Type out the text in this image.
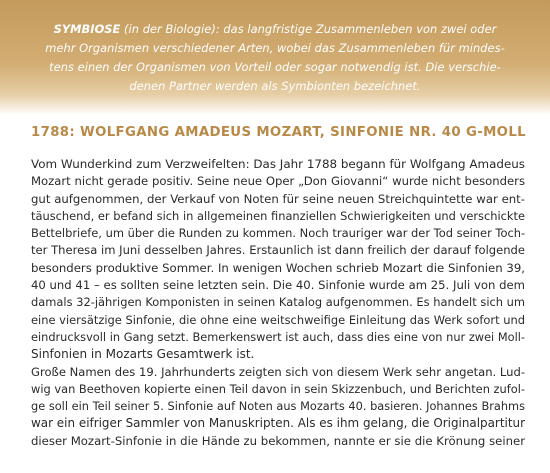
SYMBIOSE (in der Biologie): das langfristige Zusammenleben von zwei oder
mehr Organismen verschiedener Arten, wobei das Zusammenleben für mindes-
tens einen der Organismen von Vorteil oder sogar notwendig ist. Die verschie-
denen Partner werden als Symbionten bezeichnet.

1788: WOLFGANG AMADEUS MOZART, SINFONIE NR. 40 G-MOLL
Vom Wunderkind zum Verzweifelten: Das Jahr 1788 begann für Wolfgang Amadeus
Mozart nicht gerade positiv. Seine neue Oper „Don Giovanni“ wurde nicht besonders
gut aufgenommen, der Verkauf von Noten für seine neuen Streichquintette war ent-
täuschend, er befand sich in allgemeinen finanziellen Schwierigkeiten und verschickte
Bettelbriefe, um über die Runden zu kommen. Noch trauriger war der Tod seiner Toch-
ter Theresa im Juni desselben Jahres. Erstaunlich ist dann freilich der darauf folgende
besonders produktive Sommer. In wenigen Wochen schrieb Mozart die Sinfonien 39,
40 und 41 – es sollten seine letzten sein. Die 40. Sinfonie wurde am 25. Juli von dem
damals 32-jährigen Komponisten in seinen Katalog aufgenommen. Es handelt sich um
eine viersätzige Sinfonie, die ohne eine weitschweifige Einleitung das Werk sofort und
eindrucksvoll in Gang setzt. Bemerkenswert ist auch, dass dies eine von nur zwei Moll-
Sinfonien in Mozarts Gesamtwerk ist.
Große Namen des 19. Jahrhunderts zeigten sich von diesem Werk sehr angetan. Lud-
wig van Beethoven kopierte einen Teil davon in sein Skizzenbuch, und Berichten zufol-
ge soll ein Teil seiner 5. Sinfonie auf Noten aus Mozarts 40. basieren. Johannes Brahms
war ein eifriger Sammler von Manuskripten. Als es ihm gelang, die Originalpartitur
dieser Mozart-Sinfonie in die Hände zu bekommen, nannte er sie die Krönung seiner
